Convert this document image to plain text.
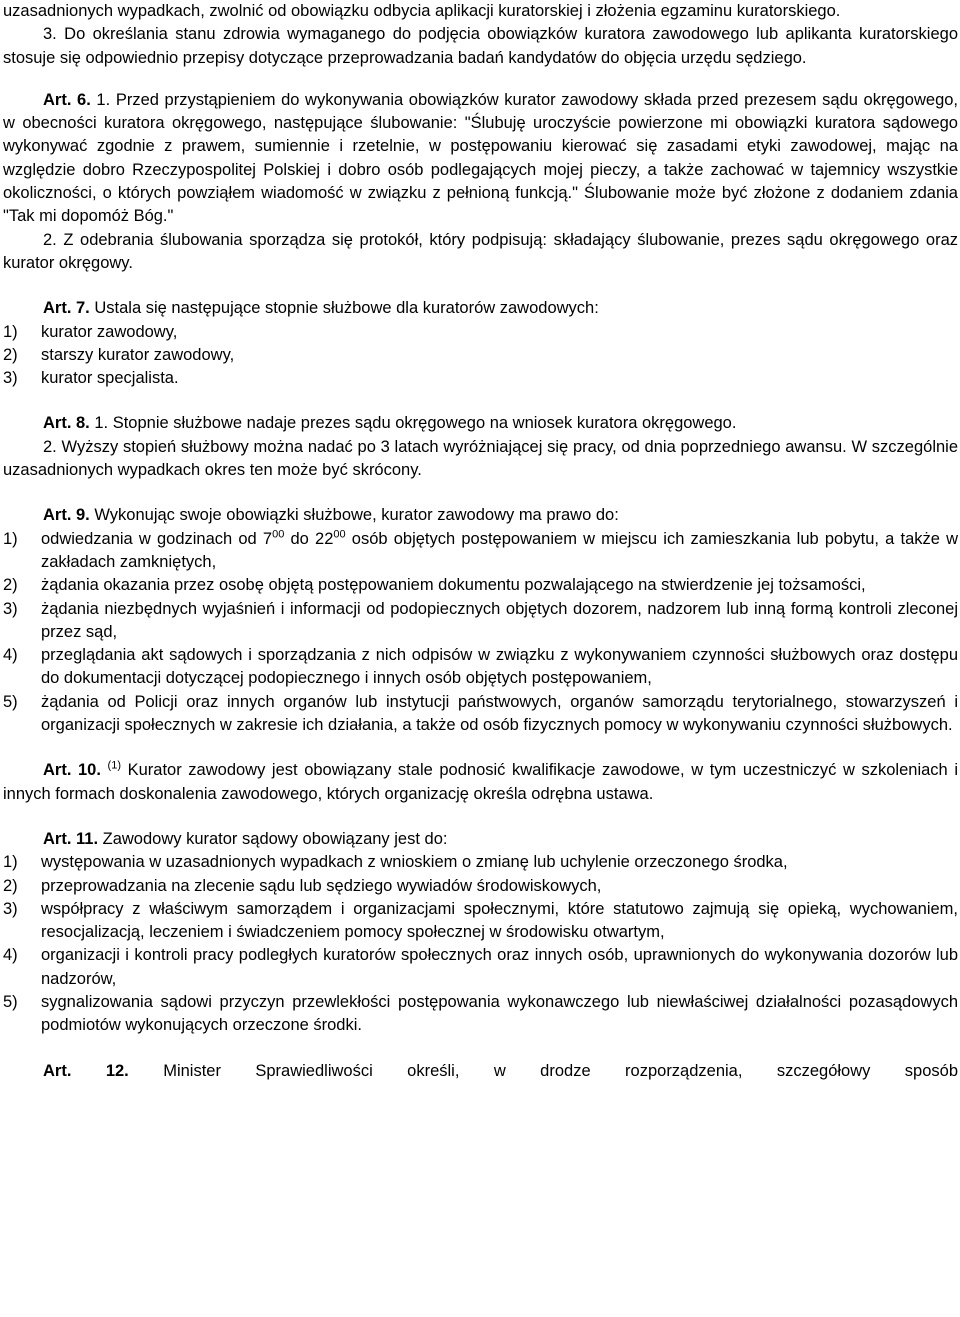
uzasadnionych wypadkach, zwolnić od obowiązku odbycia aplikacji kuratorskiej i złożenia egzaminu kuratorskiego.

3. Do określania stanu zdrowia wymaganego do podjęcia obowiązków kuratora zawodowego lub aplikanta kuratorskiego stosuje się odpowiednio przepisy dotyczące przeprowadzania badań kandydatów do objęcia urzędu sędziego.

Art. 6. 1. Przed przystąpieniem do wykonywania obowiązków kurator zawodowy składa przed prezesem sądu okręgowego, w obecności kuratora okręgowego, następujące ślubowanie: "Ślubuję uroczyście powierzone mi obowiązki kuratora sądowego wykonywać zgodnie z prawem, sumiennie i rzetelnie, w postępowaniu kierować się zasadami etyki zawodowej, mając na względzie dobro Rzeczypospolitej Polskiej i dobro osób podlegających mojej pieczy, a także zachować w tajemnicy wszystkie okoliczności, o których powziąłem wiadomość w związku z pełnioną funkcją." Ślubowanie może być złożone z dodaniem zdania "Tak mi dopomóż Bóg."

2. Z odebrania ślubowania sporządza się protokół, który podpisują: składający ślubowanie, prezes sądu okręgowego oraz kurator okręgowy.

Art. 7. Ustala się następujące stopnie służbowe dla kuratorów zawodowych:

1)	kurator zawodowy,
2)	starszy kurator zawodowy,
3)	kurator specjalista.

Art. 8. 1. Stopnie służbowe nadaje prezes sądu okręgowego na wniosek kuratora okręgowego.

2. Wyższy stopień służbowy można nadać po 3 latach wyróżniającej się pracy, od dnia poprzedniego awansu. W szczególnie uzasadnionych wypadkach okres ten może być skrócony.

Art. 9. Wykonując swoje obowiązki służbowe, kurator zawodowy ma prawo do:

1)	odwiedzania w godzinach od $7^{00}$ do $22^{00}$ osób objętych postępowaniem w miejscu ich zamieszkania lub pobytu, a także w zakładach zamkniętych,
2)	żądania okazania przez osobę objętą postępowaniem dokumentu pozwalającego na stwierdzenie jej tożsamości,
3)	żądania niezbędnych wyjaśnień i informacji od podopiecznych objętych dozorem, nadzorem lub inną formą kontroli zleconej przez sąd,
4)	przeglądania akt sądowych i sporządzania z nich odpisów w związku z wykonywaniem czynności służbowych oraz dostępu do dokumentacji dotyczącej podopiecznego i innych osób objętych postępowaniem,
5)	żądania od Policji oraz innych organów lub instytucji państwowych, organów samorządu terytorialnego, stowarzyszeń i organizacji społecznych w zakresie ich działania, a także od osób fizycznych pomocy w wykonywaniu czynności służbowych.

Art. 10. $^{(1)}$ Kurator zawodowy jest obowiązany stale podnosić kwalifikacje zawodowe, w tym uczestniczyć w szkoleniach i innych formach doskonalenia zawodowego, których organizację określa odrębna ustawa.

Art. 11. Zawodowy kurator sądowy obowiązany jest do:

1)	występowania w uzasadnionych wypadkach z wnioskiem o zmianę lub uchylenie orzeczonego środka,
2)	przeprowadzania na zlecenie sądu lub sędziego wywiadów środowiskowych,
3)	współpracy z właściwym samorządem i organizacjami społecznymi, które statutowo zajmują się opieką, wychowaniem, resocjalizacją, leczeniem i świadczeniem pomocy społecznej w środowisku otwartym,
4)	organizacji i kontroli pracy podległych kuratorów społecznych oraz innych osób, uprawnionych do wykonywania dozorów lub nadzorów,
5)	sygnalizowania sądowi przyczyn przewlekłości postępowania wykonawczego lub niewłaściwej działalności pozasądowych podmiotów wykonujących orzeczone środki.

Art. 12. Minister Sprawiedliwości określi, w drodze rozporządzenia, szczegółowy sposób
